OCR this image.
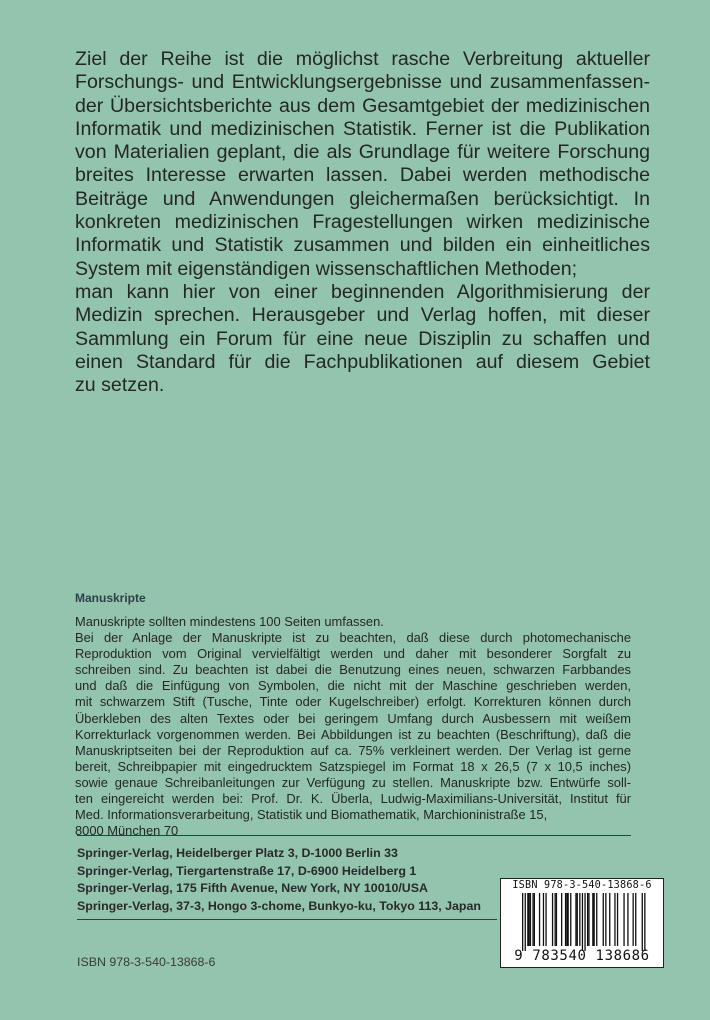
Ziel der Reihe ist die möglichst rasche Verbreitung aktueller
Forschungs- und Entwicklungsergebnisse und zusammenfassen-
der Übersichtsberichte aus dem Gesamtgebiet der medizinischen
Informatik und medizinischen Statistik. Ferner ist die Publikation
von Materialien geplant, die als Grundlage für weitere Forschung
breites Interesse erwarten lassen. Dabei werden methodische
Beiträge und Anwendungen gleichermaßen berücksichtigt. In
konkreten medizinischen Fragestellungen wirken medizinische
Informatik und Statistik zusammen und bilden ein einheitliches
System mit eigenständigen wissenschaftlichen Methoden;
man kann hier von einer beginnenden Algorithmisierung der
Medizin sprechen. Herausgeber und Verlag hoffen, mit dieser
Sammlung ein Forum für eine neue Disziplin zu schaffen und
einen Standard für die Fachpublikationen auf diesem Gebiet
zu setzen.
Manuskripte
Manuskripte sollten mindestens 100 Seiten umfassen.
Bei der Anlage der Manuskripte ist zu beachten, daß diese durch photomechanische
Reproduktion vom Original vervielfältigt werden und daher mit besonderer Sorgfalt zu
schreiben sind. Zu beachten ist dabei die Benutzung eines neuen, schwarzen Farbbandes
und daß die Einfügung von Symbolen, die nicht mit der Maschine geschrieben werden,
mit schwarzem Stift (Tusche, Tinte oder Kugelschreiber) erfolgt. Korrekturen können durch
Überkleben des alten Textes oder bei geringem Umfang durch Ausbessern mit weißem
Korrekturlack vorgenommen werden. Bei Abbildungen ist zu beachten (Beschriftung), daß die
Manuskriptseiten bei der Reproduktion auf ca. 75% verkleinert werden. Der Verlag ist gerne
bereit, Schreibpapier mit eingedrucktem Satzspiegel im Format 18 x 26,5 (7 x 10,5 inches)
sowie genaue Schreibanleitungen zur Verfügung zu stellen. Manuskripte bzw. Entwürfe soll-
ten eingereicht werden bei: Prof. Dr. K. Überla, Ludwig-Maximilians-Universität, Institut für
Med. Informationsverarbeitung, Statistik und Biomathematik, Marchioninistraße 15,
8000 München 70
Springer-Verlag, Heidelberger Platz 3, D-1000 Berlin 33
Springer-Verlag, Tiergartenstraße 17, D-6900 Heidelberg 1
Springer-Verlag, 175 Fifth Avenue, New York, NY 10010/USA
Springer-Verlag, 37-3, Hongo 3-chome, Bunkyo-ku, Tokyo 113, Japan
ISBN 978-3-540-13868-6
9 783540 138686

ISBN 978-3-540-13868-6
